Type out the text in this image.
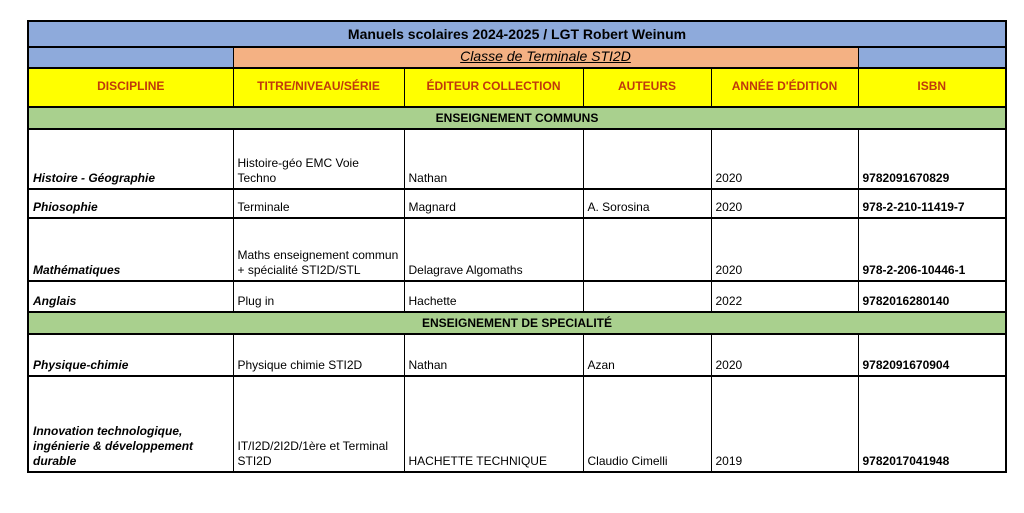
Manuels scolaires 2024-2025 / LGT Robert Weinum					
	Classe de Terminale STI2D				
DISCIPLINE	TITRE/NIVEAU/SÉRIE	ÉDITEUR COLLECTION	AUTEURS	ANNÉE D'ÉDITION	ISBN
ENSEIGNEMENT COMMUNS					
Histoire - Géographie	Histoire-géo EMC Voie Techno	Nathan		2020	9782091670829
Phiosophie	Terminale	Magnard	A. Sorosina	2020	978-2-210-11419-7
Mathématiques	Maths enseignement commun + spécialité STI2D/STL	Delagrave Algomaths		2020	978-2-206-10446-1
Anglais	Plug in	Hachette		2022	9782016280140
ENSEIGNEMENT DE SPECIALITÉ					
Physique-chimie	Physique chimie STI2D	Nathan	Azan	2020	9782091670904
Innovation technologique, ingénierie & développement durable	IT/I2D/2I2D/1ère et Terminal STI2D	HACHETTE TECHNIQUE	Claudio Cimelli	2019	9782017041948
